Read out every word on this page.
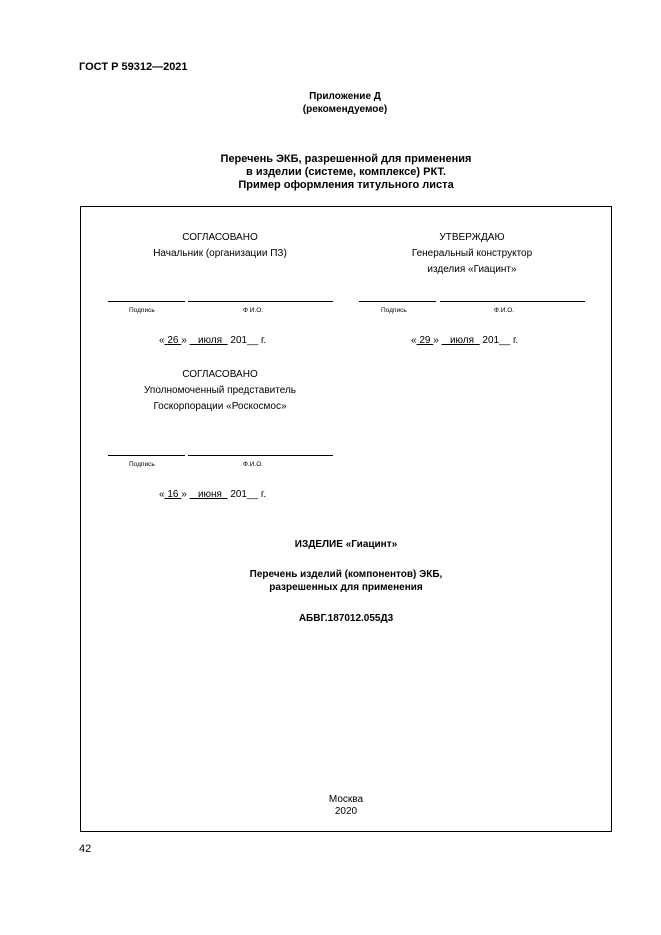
ГОСТ Р 59312—2021
Приложение Д
(рекомендуемое)
Перечень ЭКБ, разрешенной для применения
в изделии (системе, комплексе) РКТ.
Пример оформления титульного листа
СОГЛАСОВАНО
Начальник (организации ПЗ)
Подпись	Ф И.О.
« 26 » июля 201__ г.
УТВЕРЖДАЮ
Генеральный конструктор
изделия «Гиацинт»
Подпись	Ф.И.О.
« 29 » июля 201__ г.
СОГЛАСОВАНО
Уполномоченный представитель
Госкорпорации «Роскосмос»
Подпись	Ф.И.О.
« 16 » июня 201__ г.
ИЗДЕЛИЕ «Гиацинт»
Перечень изделий (компонентов) ЭКБ,
разрешенных для применения
АБВГ.187012.055Д3
Москва
2020
42
